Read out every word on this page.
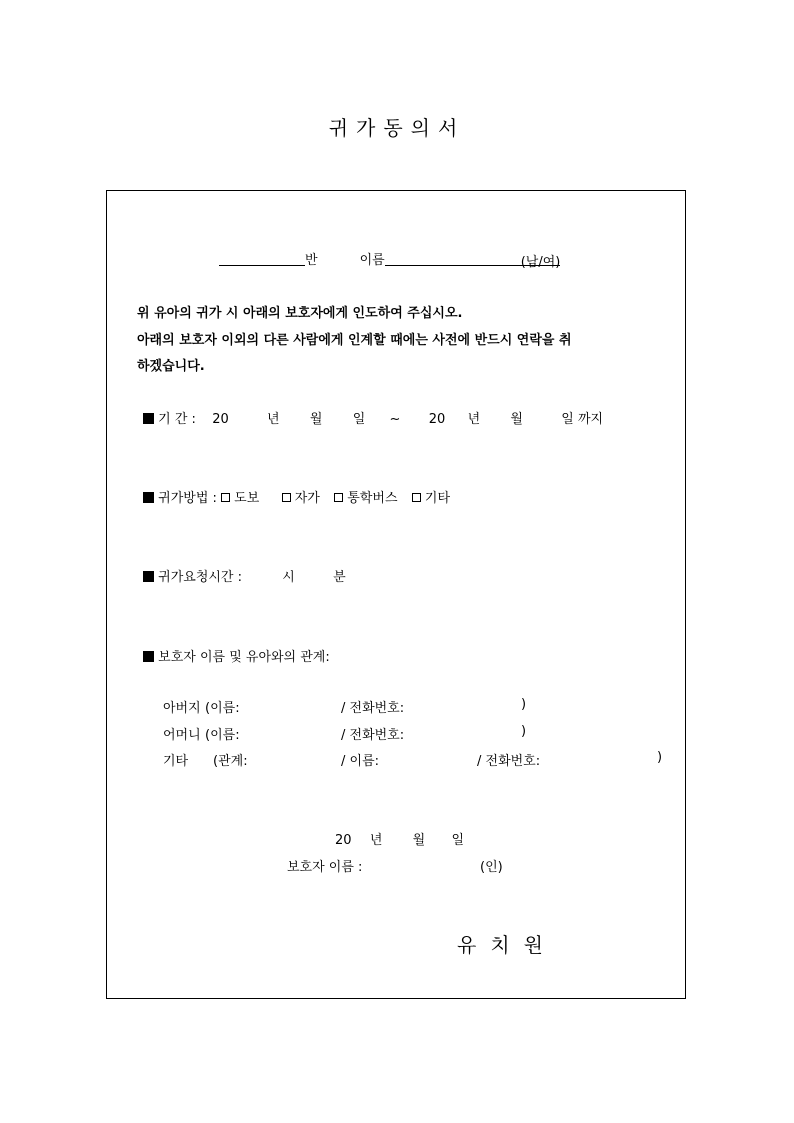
귀가동의서
반	이름	(남/여)
위 유아의 귀가 시 아래의 보호자에게 인도하여 주십시오.
아래의 보호자 이외의 다른 사람에게 인계할 때에는 사전에 반드시 연락을 취
하겠습니다.
기 간 : 20	년 월 일 ~ 20 년 월	일 까지
귀가방법 : 도보	자가 통학버스 기타
귀가요청시간 :	시	분
보호자 이름 및 유아와의 관계:
아버지 (이름:	/ 전화번호:	)
어머니 (이름:	/ 전화번호:	)
기타 (관계:	/ 이름:	/ 전화번호:	)
20 년 월 일
보호자 이름 :	(인)
유치원
